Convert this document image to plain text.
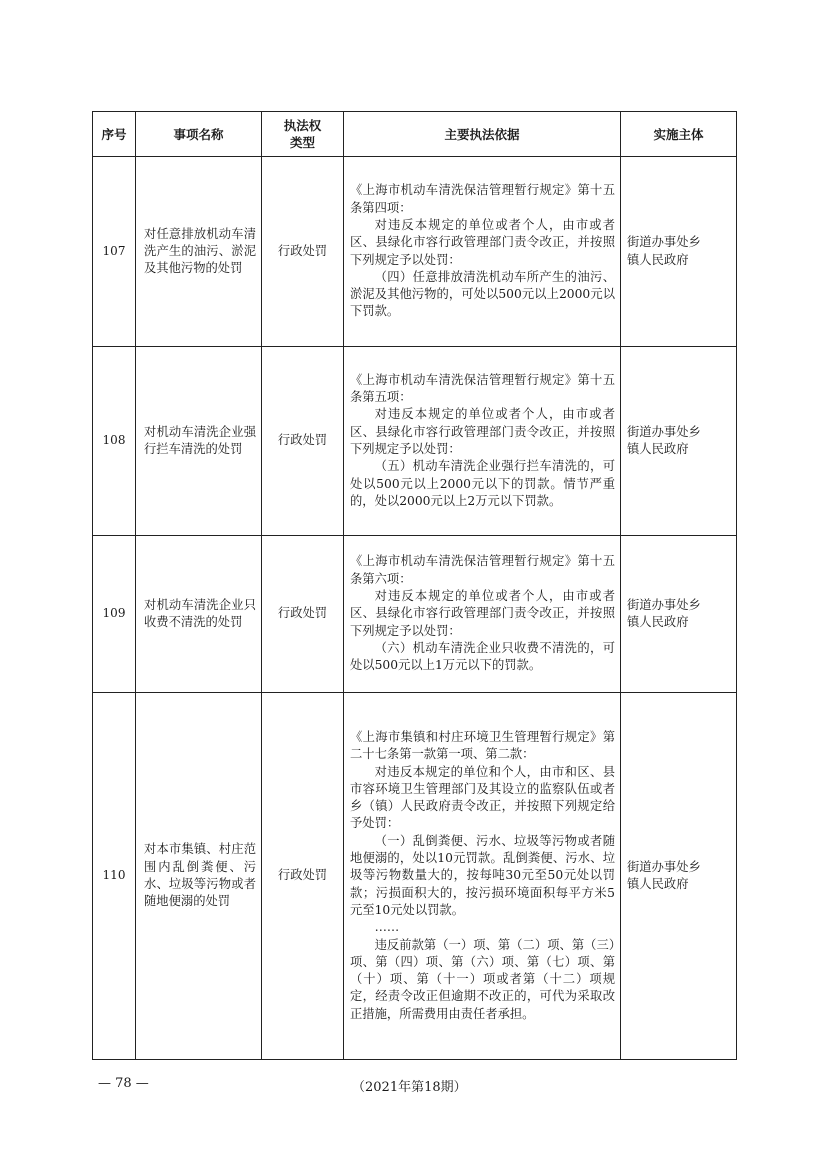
序号	事项名称	执法权类型	主要执法依据	实施主体
107	对任意排放机动车清洗产生的油污、淤泥及其他污物的处罚	行政处罚	《上海市机动车清洗保洁管理暂行规定》第十五条第四项：

对违反本规定的单位或者个人，由市或者区、县绿化市容行政管理部门责令改正，并按照下列规定予以处罚：

（四）任意排放清洗机动车所产生的油污、淤泥及其他污物的，可处以500元以上2000元以下罚款。	街道办事处乡镇人民政府

108	对机动车清洗企业强行拦车清洗的处罚	行政处罚	《上海市机动车清洗保洁管理暂行规定》第十五条第五项：

对违反本规定的单位或者个人，由市或者区、县绿化市容行政管理部门责令改正，并按照下列规定予以处罚：

（五）机动车清洗企业强行拦车清洗的，可处以500元以上2000元以下的罚款。情节严重的，处以2000元以上2万元以下罚款。	街道办事处乡镇人民政府

109	对机动车清洗企业只收费不清洗的处罚	行政处罚	《上海市机动车清洗保洁管理暂行规定》第十五条第六项：

对违反本规定的单位或者个人，由市或者区、县绿化市容行政管理部门责令改正，并按照下列规定予以处罚：

（六）机动车清洗企业只收费不清洗的，可处以500元以上1万元以下的罚款。	街道办事处乡镇人民政府

110	对本市集镇、村庄范围内乱倒粪便、污水、垃圾等污物或者随地便溺的处罚	行政处罚	《上海市集镇和村庄环境卫生管理暂行规定》第二十七条第一款第一项、第二款：

对违反本规定的单位和个人，由市和区、县市容环境卫生管理部门及其设立的监察队伍或者乡（镇）人民政府责令改正，并按照下列规定给予处罚：

（一）乱倒粪便、污水、垃圾等污物或者随地便溺的，处以10元罚款。乱倒粪便、污水、垃圾等污物数量大的，按每吨30元至50元处以罚款；污损面积大的，按污损环境面积每平方米5元至10元处以罚款。

……

违反前款第（一）项、第（二）项、第（三）项、第（四）项、第（六）项、第（七）项、第（十）项、第（十一）项或者第（十二）项规定，经责令改正但逾期不改正的，可代为采取改正措施，所需费用由责任者承担。	街道办事处乡镇人民政府
— 78 —	（2021年第18期）
